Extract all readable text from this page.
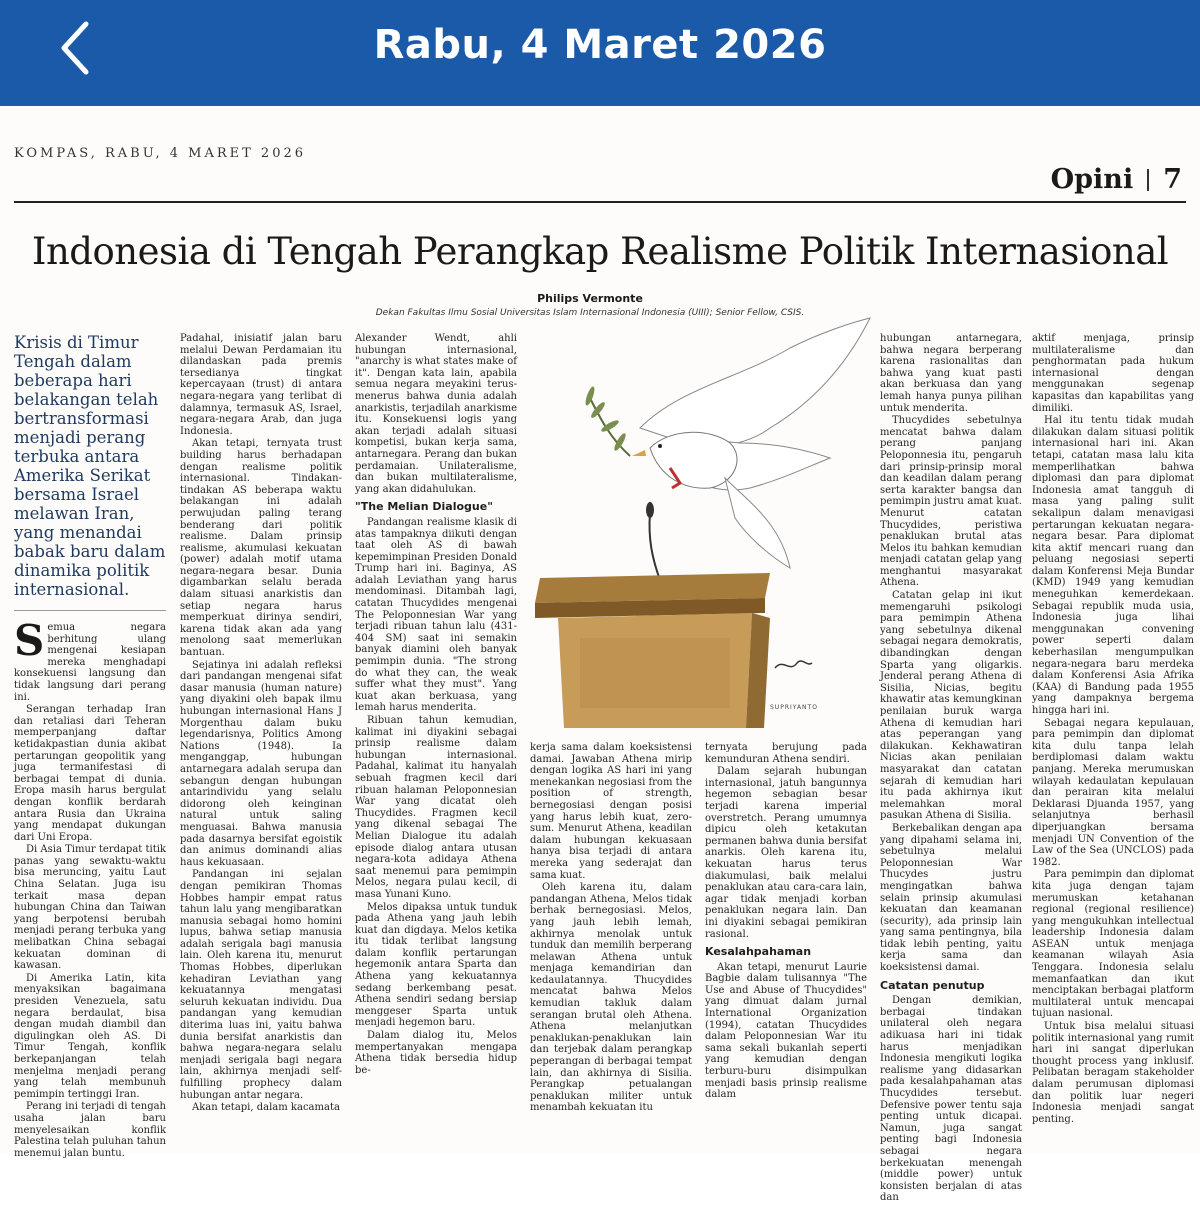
Rabu, 4 Maret 2026
KOMPAS, RABU, 4 MARET 2026
Opini 7
Indonesia di Tengah Perangkap Realisme Politik Internasional
Philips Vermonte
Dekan Fakultas Ilmu Sosial Universitas Islam Internasional Indonesia (UIII); Senior Fellow, CSIS.
Krisis di Timur Tengah dalam beberapa hari belakangan telah bertransformasi menjadi perang terbuka antara Amerika Serikat bersama Israel melawan Iran, yang menandai babak baru dalam dinamika politik internasional.

Semua negara berhitung ulang mengenai kesiapan mereka menghadapi konsekuensi langsung dan tidak langsung dari perang ini.

Serangan terhadap Iran dan retaliasi dari Teheran memperpanjang daftar ketidakpastian dunia akibat pertarungan geopolitik yang juga termanifestasi di berbagai tempat di dunia. Eropa masih harus bergulat dengan konflik berdarah antara Rusia dan Ukraina yang mendapat dukungan dari Uni Eropa.

Di Asia Timur terdapat titik panas yang sewaktu-waktu bisa meruncing, yaitu Laut China Selatan. Juga isu terkait masa depan hubungan China dan Taiwan yang berpotensi berubah menjadi perang terbuka yang melibatkan China sebagai kekuatan dominan di kawasan.

Di Amerika Latin, kita menyaksikan bagaimana presiden Venezuela, satu negara berdaulat, bisa dengan mudah diambil dan digulingkan oleh AS. Di Timur Tengah, konflik berkepanjangan telah menjelma menjadi perang yang telah membunuh pemimpin tertinggi Iran.

Perang ini terjadi di tengah usaha jalan baru menyelesaikan konflik Palestina telah puluhan tahun menemui jalan buntu.

Padahal, inisiatif jalan baru melalui Dewan Perdamaian itu dilandaskan pada premis tersedianya tingkat kepercayaan (trust) di antara negara-negara yang terlibat di dalamnya, termasuk AS, Israel, negara-negara Arab, dan juga Indonesia.

Akan tetapi, ternyata trust building harus berhadapan dengan realisme politik internasional. Tindakan-tindakan AS beberapa waktu belakangan ini adalah perwujudan paling terang benderang dari politik realisme. Dalam prinsip realisme, akumulasi kekuatan (power) adalah motif utama negara-negara besar. Dunia digambarkan selalu berada dalam situasi anarkistis dan setiap negara harus memperkuat dirinya sendiri, karena tidak akan ada yang menolong saat memerlukan bantuan.

Sejatinya ini adalah refleksi dari pandangan mengenai sifat dasar manusia (human nature) yang diyakini oleh bapak ilmu hubungan internasional Hans J Morgenthau dalam buku legendarisnya, Politics Among Nations (1948). Ia menganggap, hubungan antarnegara adalah serupa dan sebangun dengan hubungan antarindividu yang selalu didorong oleh keinginan natural untuk saling menguasai. Bahwa manusia pada dasarnya bersifat egoistik dan animus dominandi alias haus kekuasaan.

Pandangan ini sejalan dengan pemikiran Thomas Hobbes hampir empat ratus tahun lalu yang mengibaratkan manusia sebagai homo homini lupus, bahwa setiap manusia adalah serigala bagi manusia lain. Oleh karena itu, menurut Thomas Hobbes, diperlukan kehadiran Leviathan yang kekuatannya mengatasi seluruh kekuatan individu. Dua pandangan yang kemudian diterima luas ini, yaitu bahwa dunia bersifat anarkistis dan bahwa negara-negara selalu menjadi serigala bagi negara lain, akhirnya menjadi self-fulfilling prophecy dalam hubungan antar negara.

Akan tetapi, dalam kacamata

Alexander Wendt, ahli hubungan internasional, "anarchy is what states make of it". Dengan kata lain, apabila semua negara meyakini terus-menerus bahwa dunia adalah anarkistis, terjadilah anarkisme itu. Konsekuensi logis yang akan terjadi adalah situasi kompetisi, bukan kerja sama, antarnegara. Perang dan bukan perdamaian. Unilateralisme, dan bukan multilateralisme, yang akan didahulukan.

"The Melian Dialogue"

Pandangan realisme klasik di atas tampaknya diikuti dengan taat oleh AS di bawah kepemimpinan Presiden Donald Trump hari ini. Baginya, AS adalah Leviathan yang harus mendominasi. Ditambah lagi, catatan Thucydides mengenai The Peloponnesian War yang terjadi ribuan tahun lalu (431-404 SM) saat ini semakin banyak diamini oleh banyak pemimpin dunia. "The strong do what they can, the weak suffer what they must". Yang kuat akan berkuasa, yang lemah harus menderita.

Ribuan tahun kemudian, kalimat ini diyakini sebagai prinsip realisme dalam hubungan internasional. Padahal, kalimat itu hanyalah sebuah fragmen kecil dari ribuan halaman Peloponnesian War yang dicatat oleh Thucydides. Fragmen kecil yang dikenal sebagai The Melian Dialogue itu adalah episode dialog antara utusan negara-kota adidaya Athena saat menemui para pemimpin Melos, negara pulau kecil, di masa Yunani Kuno.

Melos dipaksa untuk tunduk pada Athena yang jauh lebih kuat dan digdaya. Melos ketika itu tidak terlibat langsung dalam konflik pertarungan hegemonik antara Sparta dan Athena yang kekuatannya sedang berkembang pesat. Athena sendiri sedang bersiap menggeser Sparta untuk menjadi hegemon baru.

Dalam dialog itu, Melos mempertanyakan mengapa Athena tidak bersedia hidup be-

SUPRIYANTO

kerja sama dalam koeksistensi damai. Jawaban Athena mirip dengan logika AS hari ini yang menekankan negosiasi from the position of strength, bernegosiasi dengan posisi yang harus lebih kuat, zero-sum. Menurut Athena, keadilan dalam hubungan kekuasaan hanya bisa terjadi di antara mereka yang sederajat dan sama kuat.

Oleh karena itu, dalam pandangan Athena, Melos tidak berhak bernegosiasi. Melos, yang jauh lebih lemah, akhirnya menolak untuk tunduk dan memilih berperang melawan Athena untuk menjaga kemandirian dan kedaulatannya. Thucydides mencatat bahwa Melos kemudian takluk dalam serangan brutal oleh Athena. Athena melanjutkan penaklukan-penaklukan lain dan terjebak dalam perangkap peperangan di berbagai tempat lain, dan akhirnya di Sisilia. Perangkap petualangan penaklukan militer untuk menambah kekuatan itu

ternyata berujung pada kemunduran Athena sendiri.

Dalam sejarah hubungan internasional, jatuh bangunnya hegemon sebagian besar terjadi karena imperial overstretch. Perang umumnya dipicu oleh ketakutan permanen bahwa dunia bersifat anarkis. Oleh karena itu, kekuatan harus terus diakumulasi, baik melalui penaklukan atau cara-cara lain, agar tidak menjadi korban penaklukan negara lain. Dan ini diyakini sebagai pemikiran rasional.

Kesalahpahaman

Akan tetapi, menurut Laurie Bagbie dalam tulisannya "The Use and Abuse of Thucydides" yang dimuat dalam jurnal International Organization (1994), catatan Thucydides dalam Peloponnesian War itu sama sekali bukanlah seperti yang kemudian dengan terburu-buru disimpulkan menjadi basis prinsip realisme dalam

hubungan antarnegara, bahwa negara berperang karena rasionalitas dan bahwa yang kuat pasti akan berkuasa dan yang lemah hanya punya pilihan untuk menderita.

Thucydides sebetulnya mencatat bahwa dalam perang panjang Peloponnesia itu, pengaruh dari prinsip-prinsip moral dan keadilan dalam perang serta karakter bangsa dan pemimpin justru amat kuat. Menurut catatan Thucydides, peristiwa penaklukan brutal atas Melos itu bahkan kemudian menjadi catatan gelap yang menghantui masyarakat Athena.

Catatan gelap ini ikut memengaruhi psikologi para pemimpin Athena yang sebetulnya dikenal sebagai negara demokratis, dibandingkan dengan Sparta yang oligarkis. Jenderal perang Athena di Sisilia, Nicias, begitu khawatir atas kemungkinan penilaian buruk warga Athena di kemudian hari atas peperangan yang dilakukan. Kekhawatiran Nicias akan penilaian masyarakat dan catatan sejarah di kemudian hari itu pada akhirnya ikut melemahkan moral pasukan Athena di Sisilia.

Berkebalikan dengan apa yang dipahami selama ini, sebetulnya melalui Peloponnesian War Thucydes justru mengingatkan bahwa selain prinsip akumulasi kekuatan dan keamanan (security), ada prinsip lain yang sama pentingnya, bila tidak lebih penting, yaitu kerja sama dan koeksistensi damai.

Catatan penutup

Dengan demikian, berbagai tindakan unilateral oleh negara adikuasa hari ini tidak harus menjadikan Indonesia mengikuti logika realisme yang didasarkan pada kesalahpahaman atas Thucydides tersebut. Defensive power tentu saja penting untuk dicapai. Namun, juga sangat penting bagi Indonesia sebagai negara berkekuatan menengah (middle power) untuk konsisten berjalan di atas dan

aktif menjaga, prinsip multilateralisme dan penghormatan pada hukum internasional dengan menggunakan segenap kapasitas dan kapabilitas yang dimiliki.

Hal itu tentu tidak mudah dilakukan dalam situasi politik internasional hari ini. Akan tetapi, catatan masa lalu kita memperlihatkan bahwa diplomasi dan para diplomat Indonesia amat tangguh di masa yang paling sulit sekalipun dalam menavigasi pertarungan kekuatan negara-negara besar. Para diplomat kita aktif mencari ruang dan peluang negosiasi seperti dalam Konferensi Meja Bundar (KMD) 1949 yang kemudian meneguhkan kemerdekaan. Sebagai republik muda usia, Indonesia juga lihai menggunakan convening power seperti dalam keberhasilan mengumpulkan negara-negara baru merdeka dalam Konferensi Asia Afrika (KAA) di Bandung pada 1955 yang dampaknya bergema hingga hari ini.

Sebagai negara kepulauan, para pemimpin dan diplomat kita dulu tanpa lelah berdiplomasi dalam waktu panjang. Mereka merumuskan wilayah kedaulatan kepulauan dan perairan kita melalui Deklarasi Djuanda 1957, yang selanjutnya berhasil diperjuangkan bersama menjadi UN Convention of the Law of the Sea (UNCLOS) pada 1982.

Para pemimpin dan diplomat kita juga dengan tajam merumuskan ketahanan regional (regional resilience) yang mengukuhkan intellectual leadership Indonesia dalam ASEAN untuk menjaga keamanan wilayah Asia Tenggara. Indonesia selalu memanfaatkan dan ikut menciptakan berbagai platform multilateral untuk mencapai tujuan nasional.

Untuk bisa melalui situasi politik internasional yang rumit hari ini sangat diperlukan thought process yang inklusif. Pelibatan beragam stakeholder dalam perumusan diplomasi dan politik luar negeri Indonesia menjadi sangat penting.
